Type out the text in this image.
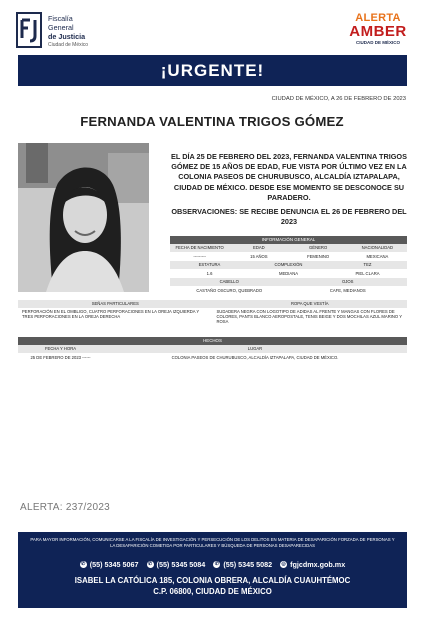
Fiscalía
General
de Justicia
Ciudad de México
ALERTA
AMBER
CIUDAD DE MÉXICO
¡URGENTE!
CIUDAD DE MÉXICO, A 26 DE FEBRERO DE 2023
FERNANDA VALENTINA TRIGOS GÓMEZ
EL DÍA 25 DE FEBRERO DEL 2023, FERNANDA VALENTINA TRIGOS GÓMEZ DE 15 AÑOS DE EDAD, FUE VISTA POR ÚLTIMO VEZ EN LA COLONIA PASEOS DE CHURUBUSCO, ALCALDÍA IZTAPALAPA, CIUDAD DE MÉXICO. DESDE ESE MOMENTO SE DESCONOCE SU PARADERO.
OBSERVACIONES: SE RECIBE DENUNCIA EL 26 DE FEBRERO DEL 2023
INFORMACIÓN GENERAL
FECHA DE NACIMIENTO	EDAD	GÉNERO	NACIONALIDAD
---------	15 AÑOS	FEMENINO	MEXICANA
ESTATURA	COMPLEXIÓN	TEZ
1.6	MEDIANA	PIEL CLARA
CABELLO	OJOS
CASTAÑO OSCURO, QUEBRADO	CAFE, MEDIANOS
SEÑAS PARTICULARES	ROPA QUE VESTÍA
PERFORACIÓN EN EL OMBLIGO, CUATRO PERFORACIONES EN LA OREJA IZQUIERDA Y TRES PERFORACIONES EN LA OREJA DERECHA
SUDADERA NEGRA CON LOGOTIPO DE ADIDAS AL FRENTE Y MANGAS CON FLORES DE COLORES, PANTS BLANCO AEROPOSTALE, TENIS BEIGE Y DOS MOCHILAS AZUL MARINO Y ROSA
HECHOS
FECHA Y HORA	LUGAR
25 DE FEBRERO DE 2023 ------	COLONIA PASEOS DE CHURUBUSCO, ALCALDÍA IZTAPALAPA, CIUDAD DE MÉXICO.
ALERTA: 237/2023
PARA MAYOR INFORMACIÓN, COMUNICARSE A LA FISCALÍA DE INVESTIGACIÓN Y PERSECUCIÓN DE LOS DELITOS EN MATERIA DE DESAPARICIÓN FORZADA DE PERSONAS Y LA DESAPARICIÓN COMETIDA POR PARTICULARES Y BÚSQUEDA DE PERSONAS DESAPARECIDAS
✆ (55) 5345 5067 ✆ (55) 5345 5084 ✆ (55) 5345 5082 ◎ fgjcdmx.gob.mx
ISABEL LA CATÓLICA 185, COLONIA OBRERA, ALCALDÍA CUAUHTÉMOC
C.P. 06800, CIUDAD DE MÉXICO
